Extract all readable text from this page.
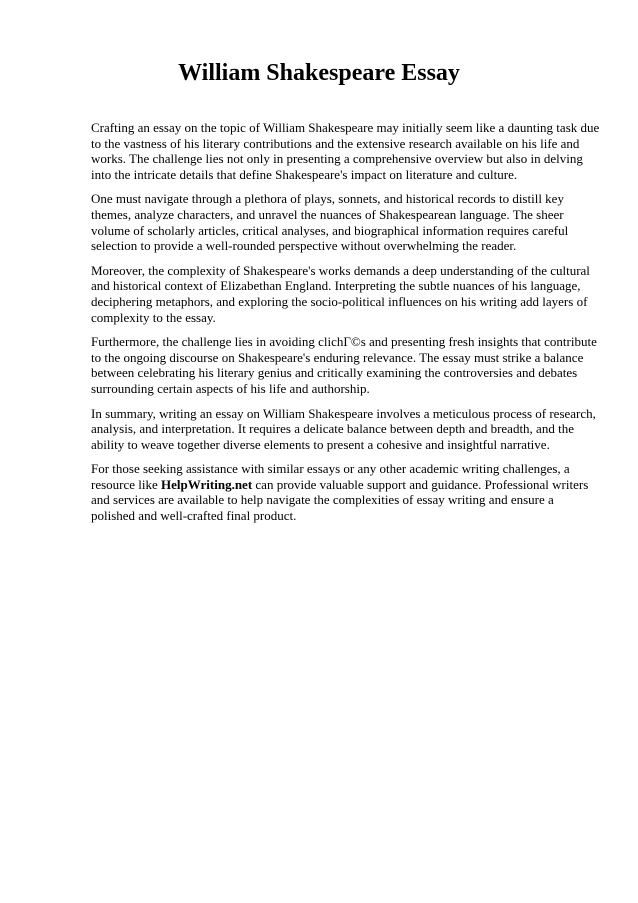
William Shakespeare Essay

Crafting an essay on the topic of William Shakespeare may initially seem like a daunting task due to the vastness of his literary contributions and the extensive research available on his life and works. The challenge lies not only in presenting a comprehensive overview but also in delving into the intricate details that define Shakespeare's impact on literature and culture.

One must navigate through a plethora of plays, sonnets, and historical records to distill key themes, analyze characters, and unravel the nuances of Shakespearean language. The sheer volume of scholarly articles, critical analyses, and biographical information requires careful selection to provide a well-rounded perspective without overwhelming the reader.

Moreover, the complexity of Shakespeare's works demands a deep understanding of the cultural and historical context of Elizabethan England. Interpreting the subtle nuances of his language, deciphering metaphors, and exploring the socio-political influences on his writing add layers of complexity to the essay.

Furthermore, the challenge lies in avoiding clichГ©s and presenting fresh insights that contribute to the ongoing discourse on Shakespeare's enduring relevance. The essay must strike a balance between celebrating his literary genius and critically examining the controversies and debates surrounding certain aspects of his life and authorship.

In summary, writing an essay on William Shakespeare involves a meticulous process of research, analysis, and interpretation. It requires a delicate balance between depth and breadth, and the ability to weave together diverse elements to present a cohesive and insightful narrative.

For those seeking assistance with similar essays or any other academic writing challenges, a resource like HelpWriting.net can provide valuable support and guidance. Professional writers and services are available to help navigate the complexities of essay writing and ensure a polished and well-crafted final product.
